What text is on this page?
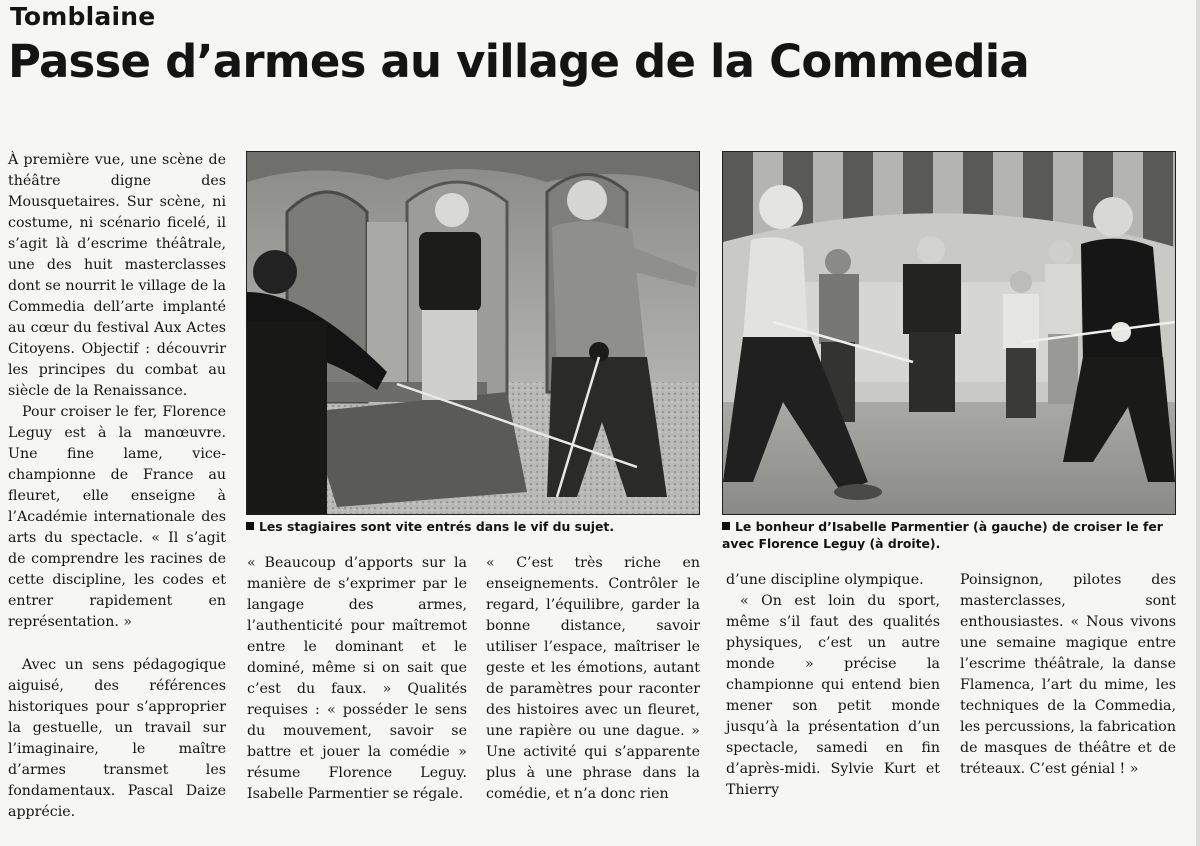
Tomblaine
Passe d’armes au village de la Commedia

À première vue, une scène de théâtre digne des Mousquetaires. Sur scène, ni costume, ni scénario ficelé, il s’agit là d’escrime théâtrale, une des huit masterclasses dont se nourrit le village de la Commedia dell’arte implanté au cœur du festival Aux Actes Citoyens. Objectif : découvrir les principes du combat au siècle de la Renaissance.

Pour croiser le fer, Florence Leguy est à la manœuvre. Une fine lame, vice-championne de France au fleuret, elle enseigne à l’Académie internationale des arts du spectacle. « Il s’agit de comprendre les racines de cette discipline, les codes et entrer rapidement en représentation. »

Avec un sens pédagogique aiguisé, des références historiques pour s’approprier la gestuelle, un travail sur l’imaginaire, le maître d’armes transmet les fondamentaux. Pascal Daize apprécie.

Les stagiaires sont vite entrés dans le vif du sujet.	Le bonheur d’Isabelle Parmentier (à gauche) de croiser le fer avec Florence Leguy (à droite).

« Beaucoup d’apports sur la manière de s’exprimer par le langage des armes, l’authenticité pour maîtremot entre le dominant et le dominé, même si on sait que c’est du faux. » Qualités requises : « posséder le sens du mouvement, savoir se battre et jouer la comédie » résume Florence Leguy. Isabelle Parmentier se régale.

« C’est très riche en enseignements. Contrôler le regard, l’équilibre, garder la bonne distance, savoir utiliser l’espace, maîtriser le geste et les émotions, autant de paramètres pour raconter des histoires avec un fleuret, une rapière ou une dague. » Une activité qui s’apparente plus à une phrase dans la comédie, et n’a donc rien

d’une discipline olympique.

« On est loin du sport, même s’il faut des qualités physiques, c’est un autre monde » précise la championne qui entend bien mener son petit monde jusqu’à la présentation d’un spectacle, samedi en fin d’après-midi. Sylvie Kurt et Thierry

Poinsignon, pilotes des masterclasses, sont enthousiastes. « Nous vivons une semaine magique entre l’escrime théâtrale, la danse Flamenca, l’art du mime, les techniques de la Commedia, les percussions, la fabrication de masques de théâtre et de tréteaux. C’est génial ! »
